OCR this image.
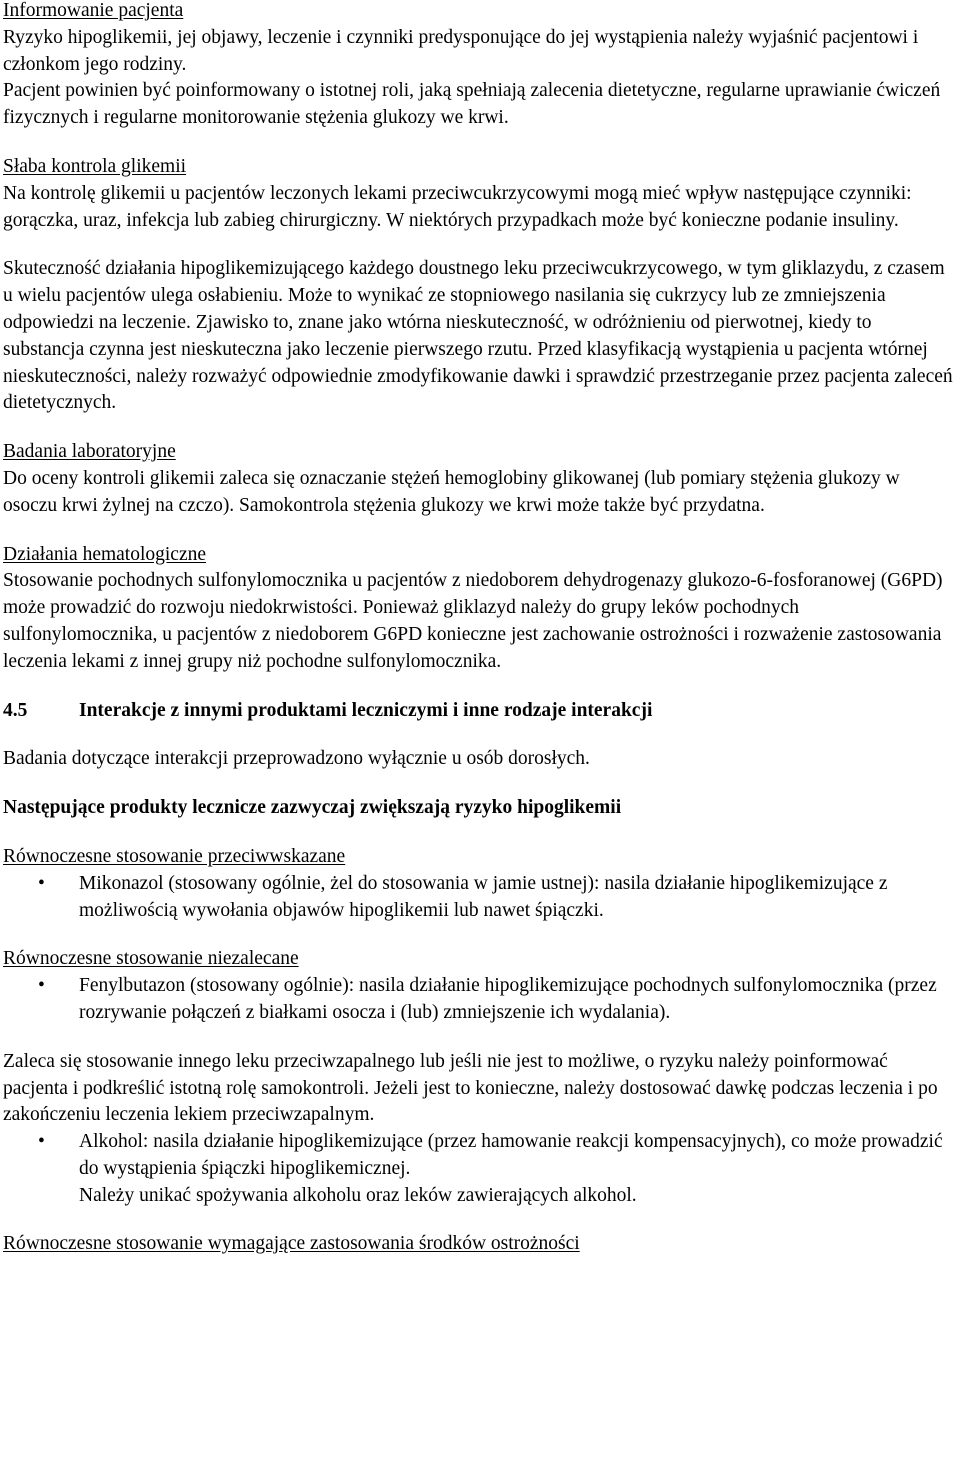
Informowanie pacjenta
Ryzyko hipoglikemii, jej objawy, leczenie i czynniki predysponujące do jej wystąpienia należy wyjaśnić pacjentowi i członkom jego rodziny.
Pacjent powinien być poinformowany o istotnej roli, jaką spełniają zalecenia dietetyczne, regularne uprawianie ćwiczeń fizycznych i regularne monitorowanie stężenia glukozy we krwi.
Słaba kontrola glikemii
Na kontrolę glikemii u pacjentów leczonych lekami przeciwcukrzycowymi mogą mieć wpływ następujące czynniki: gorączka, uraz, infekcja lub zabieg chirurgiczny. W niektórych przypadkach może być konieczne podanie insuliny.
Skuteczność działania hipoglikemizującego każdego doustnego leku przeciwcukrzycowego, w tym gliklazydu, z czasem u wielu pacjentów ulega osłabieniu. Może to wynikać ze stopniowego nasilania się cukrzycy lub ze zmniejszenia odpowiedzi na leczenie. Zjawisko to, znane jako wtórna nieskuteczność, w odróżnieniu od pierwotnej, kiedy to substancja czynna jest nieskuteczna jako leczenie pierwszego rzutu. Przed klasyfikacją wystąpienia u pacjenta wtórnej nieskuteczności, należy rozważyć odpowiednie zmodyfikowanie dawki i sprawdzić przestrzeganie przez pacjenta zaleceń dietetycznych.
Badania laboratoryjne
Do oceny kontroli glikemii zaleca się oznaczanie stężeń hemoglobiny glikowanej (lub pomiary stężenia glukozy w osoczu krwi żylnej na czczo). Samokontrola stężenia glukozy we krwi może także być przydatna.
Działania hematologiczne
Stosowanie pochodnych sulfonylomocznika u pacjentów z niedoborem dehydrogenazy glukozo-6-fosforanowej (G6PD) może prowadzić do rozwoju niedokrwistości. Ponieważ gliklazyd należy do grupy leków pochodnych sulfonylomocznika, u pacjentów z niedoborem G6PD konieczne jest zachowanie ostrożności i rozważenie zastosowania leczenia lekami z innej grupy niż pochodne sulfonylomocznika.
4.5	Interakcje z innymi produktami leczniczymi i inne rodzaje interakcji
Badania dotyczące interakcji przeprowadzono wyłącznie u osób dorosłych.
Następujące produkty lecznicze zazwyczaj zwiększają ryzyko hipoglikemii
Równoczesne stosowanie przeciwwskazane
• Mikonazol (stosowany ogólnie, żel do stosowania w jamie ustnej): nasila działanie hipoglikemizujące z możliwością wywołania objawów hipoglikemii lub nawet śpiączki.
Równoczesne stosowanie niezalecane
• Fenylbutazon (stosowany ogólnie): nasila działanie hipoglikemizujące pochodnych sulfonylomocznika (przez rozrywanie połączeń z białkami osocza i (lub) zmniejszenie ich wydalania).
Zaleca się stosowanie innego leku przeciwzapalnego lub jeśli nie jest to możliwe, o ryzyku należy poinformować pacjenta i podkreślić istotną rolę samokontroli. Jeżeli jest to konieczne, należy dostosować dawkę podczas leczenia i po zakończeniu leczenia lekiem przeciwzapalnym.
• Alkohol: nasila działanie hipoglikemizujące (przez hamowanie reakcji kompensacyjnych), co może prowadzić do wystąpienia śpiączki hipoglikemicznej.
Należy unikać spożywania alkoholu oraz leków zawierających alkohol.
Równoczesne stosowanie wymagające zastosowania środków ostrożności
